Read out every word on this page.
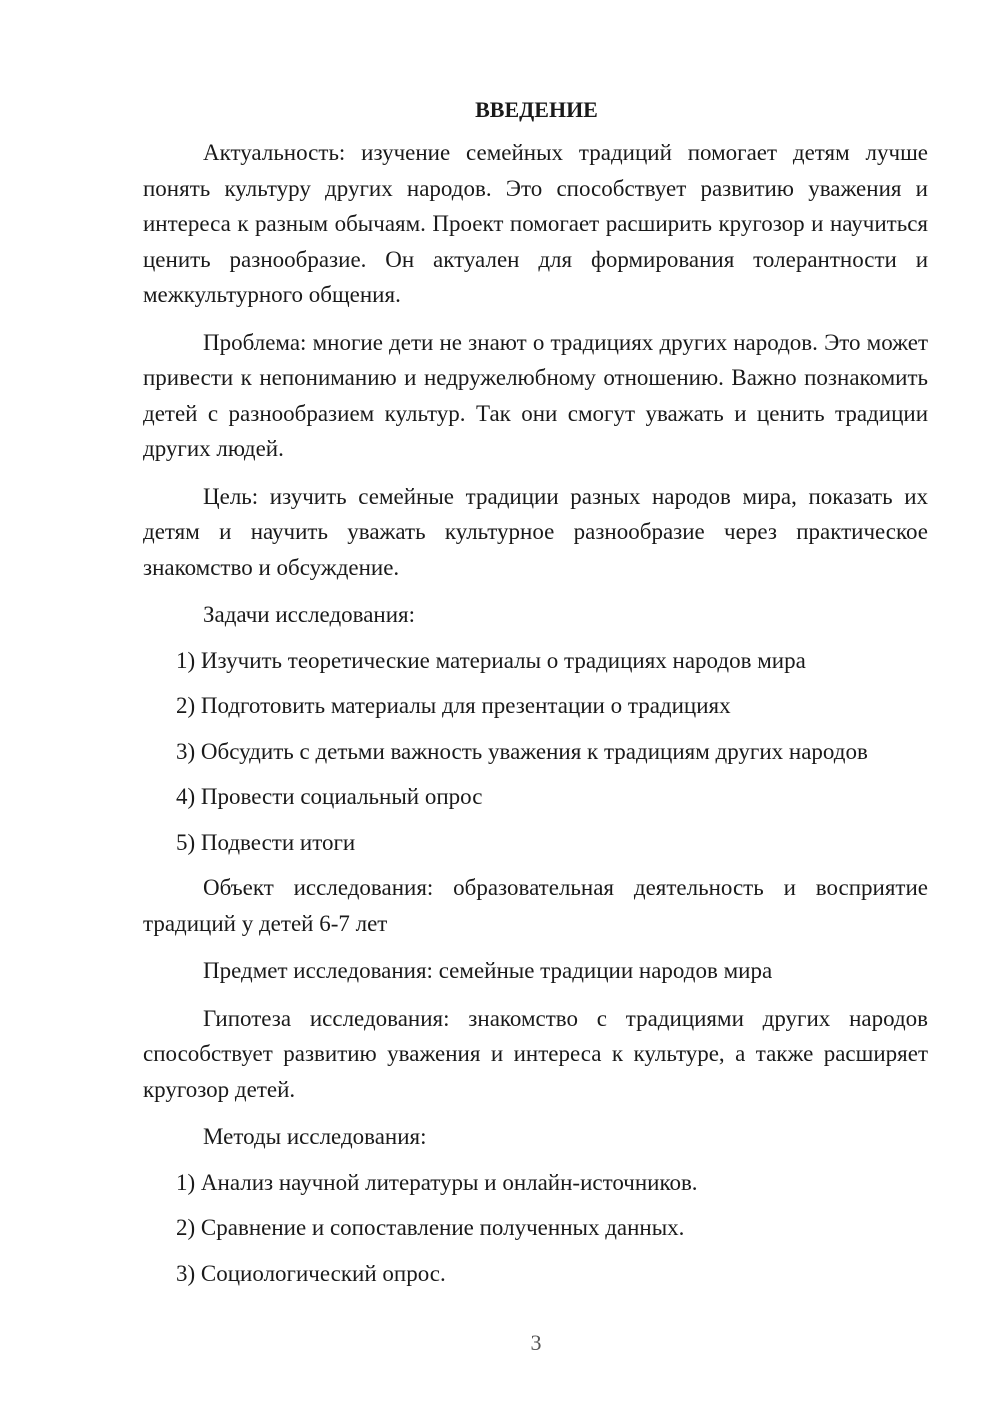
ВВЕДЕНИЕ

Актуальность: изучение семейных традиций помогает детям лучше понять культуру других народов. Это способствует развитию уважения и интереса к разным обычаям. Проект помогает расширить кругозор и научиться ценить разнообразие. Он актуален для формирования толерантности и межкультурного общения.

Проблема: многие дети не знают о традициях других народов. Это может привести к непониманию и недружелюбному отношению. Важно познакомить детей с разнообразием культур. Так они смогут уважать и ценить традиции других людей.

Цель: изучить семейные традиции разных народов мира, показать их детям и научить уважать культурное разнообразие через практическое знакомство и обсуждение.

Задачи исследования:

1) Изучить теоретические материалы о традициях народов мира

2) Подготовить материалы для презентации о традициях

3) Обсудить с детьми важность уважения к традициям других народов

4) Провести социальный опрос

5) Подвести итоги

Объект исследования: образовательная деятельность и восприятие традиций у детей 6-7 лет

Предмет исследования: семейные традиции народов мира

Гипотеза исследования: знакомство с традициями других народов способствует развитию уважения и интереса к культуре, а также расширяет кругозор детей.

Методы исследования:

1) Анализ научной литературы и онлайн-источников.

2) Сравнение и сопоставление полученных данных.

3) Социологический опрос.

3
